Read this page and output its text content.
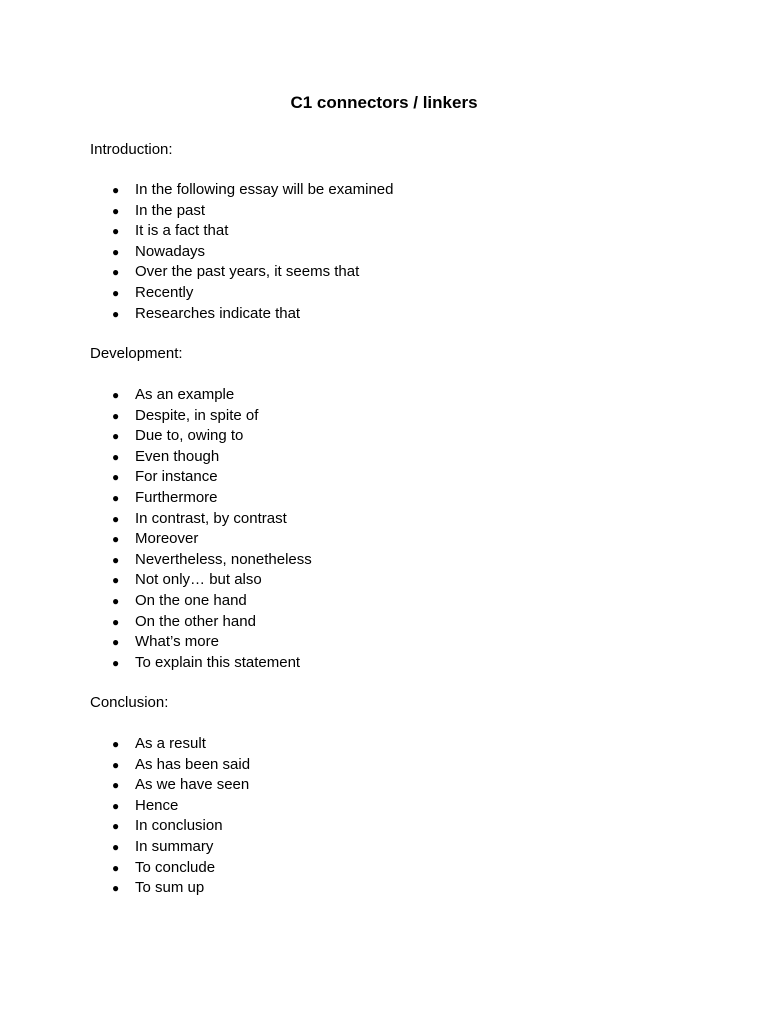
C1 connectors / linkers
Introduction:
● In the following essay will be examined
● In the past
● It is a fact that
● Nowadays
● Over the past years, it seems that
● Recently
● Researches indicate that
Development:
● As an example
● Despite, in spite of
● Due to, owing to
● Even though
● For instance
● Furthermore
● In contrast, by contrast
● Moreover
● Nevertheless, nonetheless
● Not only… but also
● On the one hand
● On the other hand
● What’s more
● To explain this statement
Conclusion:
● As a result
● As has been said
● As we have seen
● Hence
● In conclusion
● In summary
● To conclude
● To sum up
